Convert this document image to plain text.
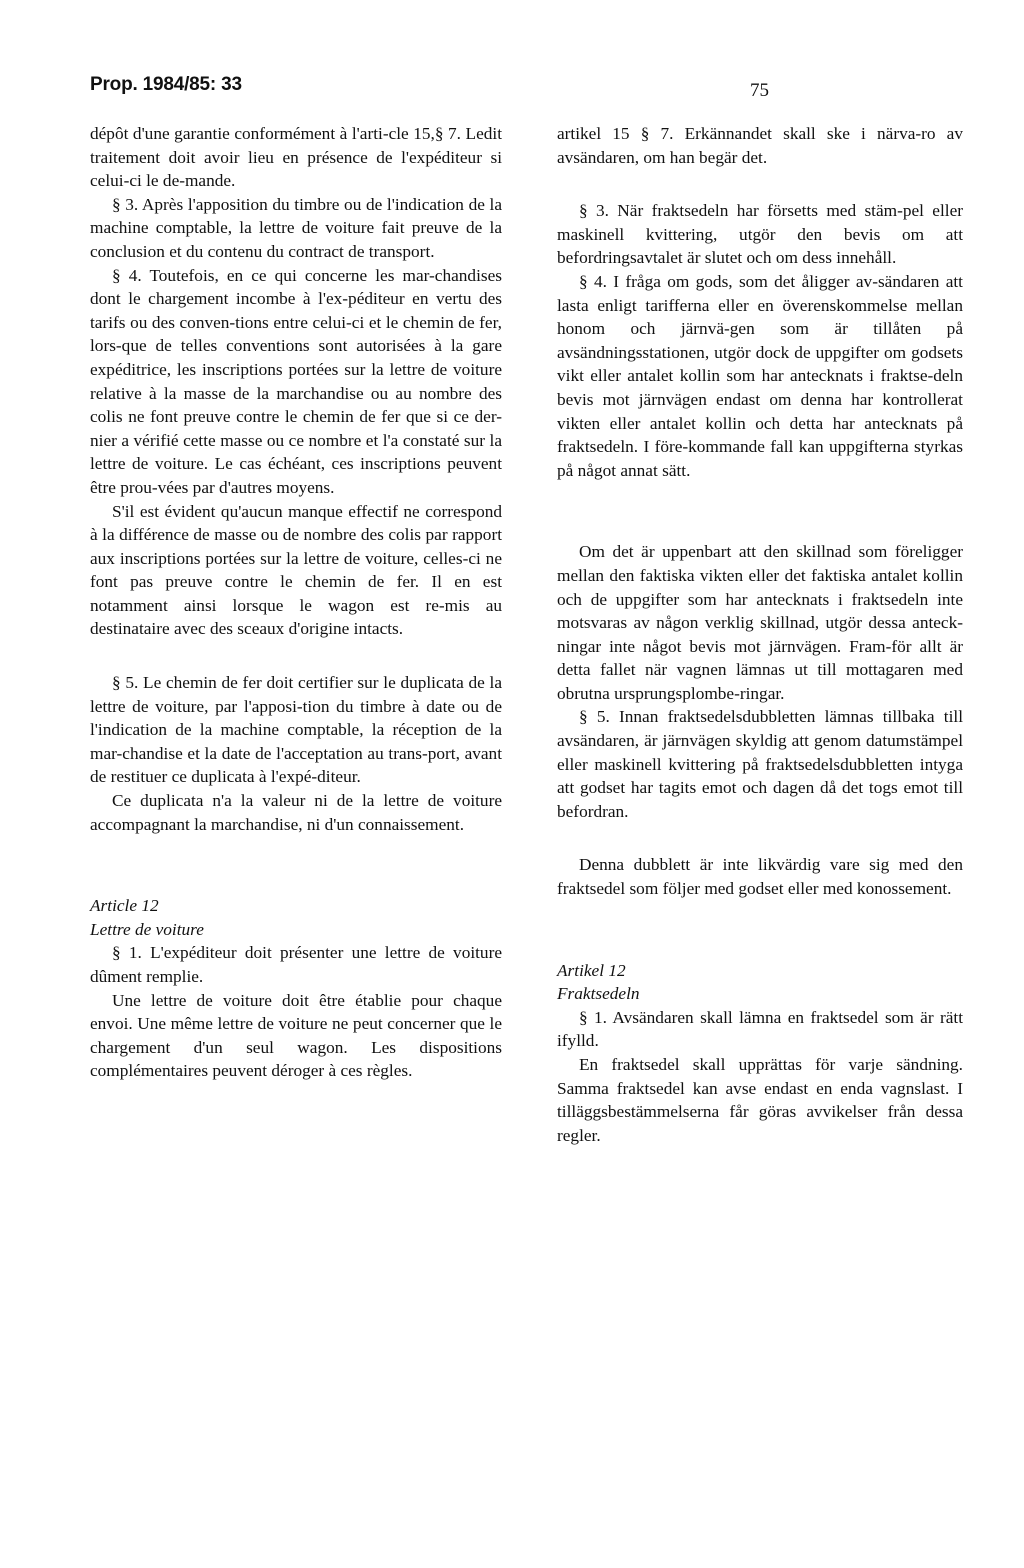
Prop. 1984/85: 33	75

dépôt d'une garantie conformément à l'arti-cle 15,§ 7. Ledit traitement doit avoir lieu en présence de l'expéditeur si celui-ci le de-mande.

§ 3. Après l'apposition du timbre ou de l'indication de la machine comptable, la lettre de voiture fait preuve de la conclusion et du contenu du contract de transport.

§ 4. Toutefois, en ce qui concerne les mar-chandises dont le chargement incombe à l'ex-péditeur en vertu des tarifs ou des conven-tions entre celui-ci et le chemin de fer, lors-que de telles conventions sont autorisées à la gare expéditrice, les inscriptions portées sur la lettre de voiture relative à la masse de la marchandise ou au nombre des colis ne font preuve contre le chemin de fer que si ce der-nier a vérifié cette masse ou ce nombre et l'a constaté sur la lettre de voiture. Le cas échéant, ces inscriptions peuvent être prou-vées par d'autres moyens.

S'il est évident qu'aucun manque effectif ne correspond à la différence de masse ou de nombre des colis par rapport aux inscriptions portées sur la lettre de voiture, celles-ci ne font pas preuve contre le chemin de fer. Il en est notamment ainsi lorsque le wagon est re-mis au destinataire avec des sceaux d'origine intacts.

§ 5. Le chemin de fer doit certifier sur le duplicata de la lettre de voiture, par l'apposi-tion du timbre à date ou de l'indication de la machine comptable, la réception de la mar-chandise et la date de l'acceptation au trans-port, avant de restituer ce duplicata à l'expé-diteur.

Ce duplicata n'a la valeur ni de la lettre de voiture accompagnant la marchandise, ni d'un connaissement.

Article 12

Lettre de voiture

§ 1. L'expéditeur doit présenter une lettre de voiture dûment remplie.

Une lettre de voiture doit être établie pour chaque envoi. Une même lettre de voiture ne peut concerner que le chargement d'un seul wagon. Les dispositions complémentaires peuvent déroger à ces règles.

artikel 15 § 7. Erkännandet skall ske i närva-ro av avsändaren, om han begär det.

§ 3. När fraktsedeln har försetts med stäm-pel eller maskinell kvittering, utgör den bevis om att befordringsavtalet är slutet och om dess innehåll.

§ 4. I fråga om gods, som det åligger av-sändaren att lasta enligt tarifferna eller en överenskommelse mellan honom och järnvä-gen som är tillåten på avsändningsstationen, utgör dock de uppgifter om godsets vikt eller antalet kollin som har antecknats i fraktse-deln bevis mot järnvägen endast om denna har kontrollerat vikten eller antalet kollin och detta har antecknats på fraktsedeln. I före-kommande fall kan uppgifterna styrkas på något annat sätt.

Om det är uppenbart att den skillnad som föreligger mellan den faktiska vikten eller det faktiska antalet kollin och de uppgifter som har antecknats i fraktsedeln inte motsvaras av någon verklig skillnad, utgör dessa anteck-ningar inte något bevis mot järnvägen. Fram-för allt är detta fallet när vagnen lämnas ut till mottagaren med obrutna ursprungsplombe-ringar.

§ 5. Innan fraktsedelsdubbletten lämnas tillbaka till avsändaren, är järnvägen skyldig att genom datumstämpel eller maskinell kvittering på fraktsedelsdubbletten intyga att godset har tagits emot och dagen då det togs emot till befordran.

Denna dubblett är inte likvärdig vare sig med den fraktsedel som följer med godset eller med konossement.

Artikel 12

Fraktsedeln

§ 1. Avsändaren skall lämna en fraktsedel som är rätt ifylld.

En fraktsedel skall upprättas för varje sändning. Samma fraktsedel kan avse endast en enda vagnslast. I tilläggsbestämmelserna får göras avvikelser från dessa regler.
